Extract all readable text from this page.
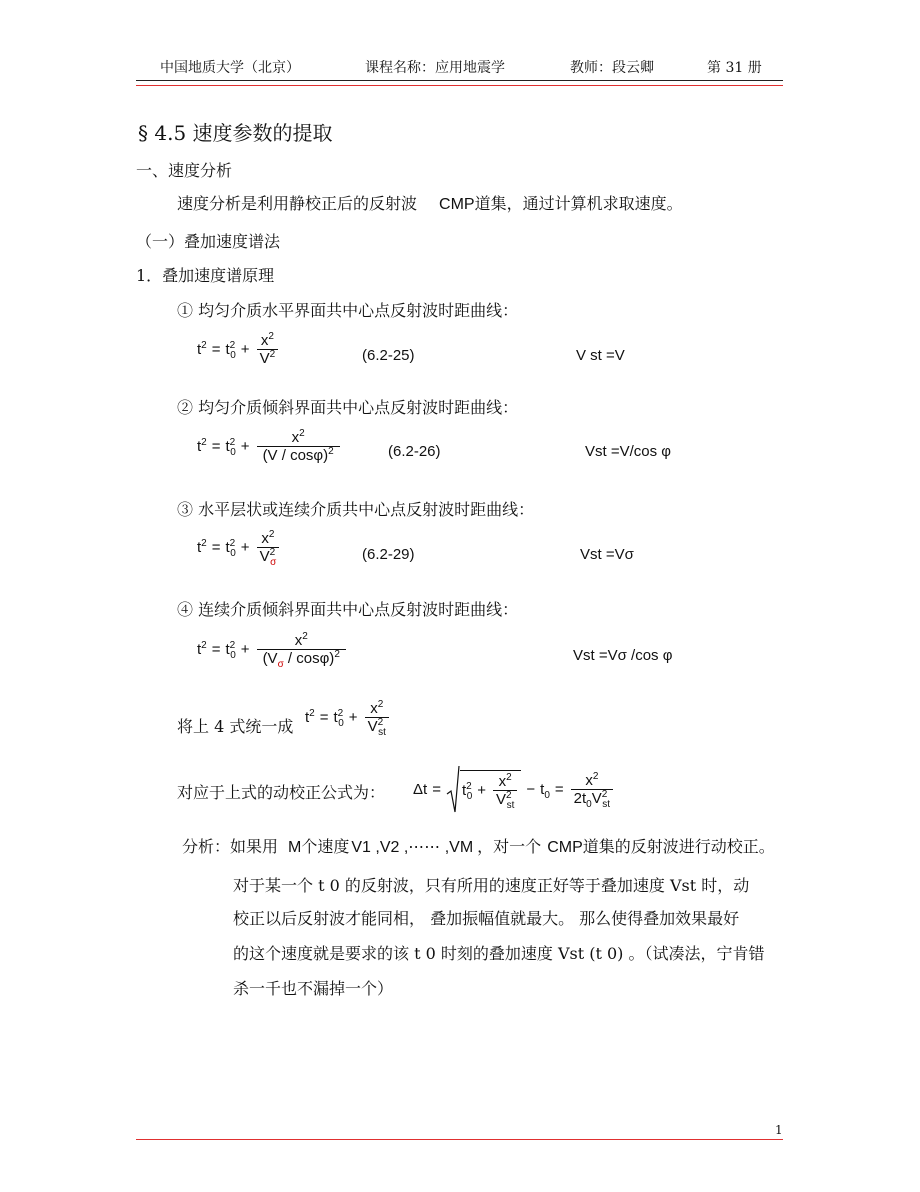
中国地质大学（北京）	课程名称：应用地震学	教师：段云卿	第 31 册
§ 4.5 速度参数的提取
一、速度分析
速度分析是利用静校正后的反射波 CMP道集，通过计算机求取速度。
（一）叠加速度谱法
1．叠加速度谱原理
① 均匀介质水平界面共中心点反射波时距曲线：
$t^2 = t^2_0 + \frac{x^2}{V^2}$	(6.2-25)	V st =V
② 均匀介质倾斜界面共中心点反射波时距曲线：
$t^2 = t^2_0 + \frac{x^2}{(V / \cos\varphi)^2}$	(6.2-26)	Vst =V/cos φ
③ 水平层状或连续介质共中心点反射波时距曲线：
$t^2 = t^2_0 + \frac{x^2}{V^2_\sigma}$	(6.2-29)	Vst =Vσ
④ 连续介质倾斜界面共中心点反射波时距曲线：
$t^2 = t^2_0 + \frac{x^2}{(V_\sigma / \cos\varphi)^2}$	Vst =Vσ /cos φ
将上 4 式统一成 $t^2 = t^2_0 + \frac{x^2}{V^2_{st}}$
对应于上式的动校正公式为： $\Delta t = t^2_0 + \frac{x^2}{V^2_{st}} - t_0 = \frac{x^2}{2t_0V^2_{st}}$
分析：如果用 M个速度 V1 ,V2 ,⋯⋯ ,VM ，对一个 CMP道集的反射波进行动校正。
对于某一个 t 0 的反射波，只有所用的速度正好等于叠加速度 Vst 时，动
校正以后反射波才能同相， 叠加振幅值就最大。 那么使得叠加效果最好
的这个速度就是要求的该 t 0 时刻的叠加速度 Vst (t 0) 。（试凑法，宁肯错
杀一千也不漏掉一个）
1
